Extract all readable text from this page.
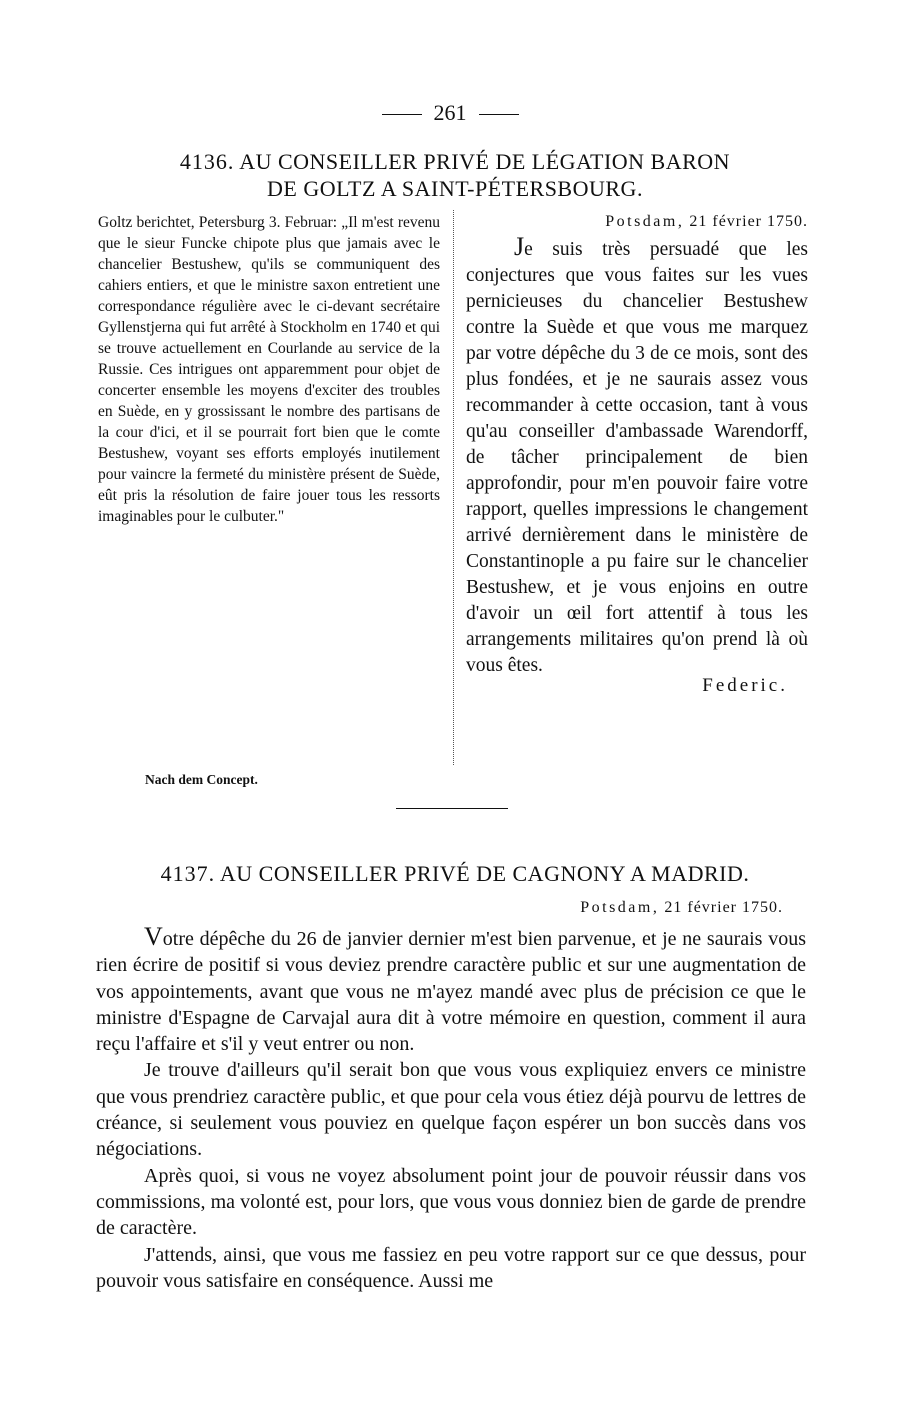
261
4136. AU CONSEILLER PRIVÉ DE LÉGATION BARON
DE GOLTZ A SAINT-PÉTERSBOURG.
Goltz berichtet, Petersburg 3. Februar: „Il m'est revenu que le sieur Funcke chipote plus que jamais avec le chancelier Bestushew, qu'ils se communiquent des cahiers entiers, et que le ministre saxon entretient une correspondance régulière avec le ci-devant secrétaire Gyllenstjerna qui fut arrêté à Stockholm en 1740 et qui se trouve actuellement en Courlande au service de la Russie. Ces intrigues ont apparemment pour objet de concerter ensemble les moyens d'exciter des troubles en Suède, en y grossissant le nombre des partisans de la cour d'ici, et il se pourrait fort bien que le comte Bestushew, voyant ses efforts employés inutilement pour vaincre la fermeté du ministère présent de Suède, eût pris la résolution de faire jouer tous les ressorts imaginables pour le culbuter."
Potsdam, 21 février 1750.

Je suis très persuadé que les conjectures que vous faites sur les vues pernicieuses du chancelier Bestushew contre la Suède et que vous me marquez par votre dépêche du 3 de ce mois, sont des plus fondées, et je ne saurais assez vous recommander à cette occasion, tant à vous qu'au conseiller d'ambassade Warendorff, de tâcher principalement de bien approfondir, pour m'en pouvoir faire votre rapport, quelles impressions le changement arrivé dernièrement dans le ministère de Constantinople a pu faire sur le chancelier Bestushew, et je vous enjoins en outre d'avoir un œil fort attentif à tous les arrangements militaires qu'on prend là où vous êtes.

Federic.
Nach dem Concept.
4137. AU CONSEILLER PRIVÉ DE CAGNONY A MADRID.
Potsdam, 21 février 1750.

Votre dépêche du 26 de janvier dernier m'est bien parvenue, et je ne saurais vous rien écrire de positif si vous deviez prendre caractère public et sur une augmentation de vos appointements, avant que vous ne m'ayez mandé avec plus de précision ce que le ministre d'Espagne de Carvajal aura dit à votre mémoire en question, comment il aura reçu l'affaire et s'il y veut entrer ou non.

Je trouve d'ailleurs qu'il serait bon que vous vous expliquiez envers ce ministre que vous prendriez caractère public, et que pour cela vous étiez déjà pourvu de lettres de créance, si seulement vous pouviez en quelque façon espérer un bon succès dans vos négociations.

Après quoi, si vous ne voyez absolument point jour de pouvoir réussir dans vos commissions, ma volonté est, pour lors, que vous vous donniez bien de garde de prendre de caractère.

J'attends, ainsi, que vous me fassiez en peu votre rapport sur ce que dessus, pour pouvoir vous satisfaire en conséquence. Aussi me
